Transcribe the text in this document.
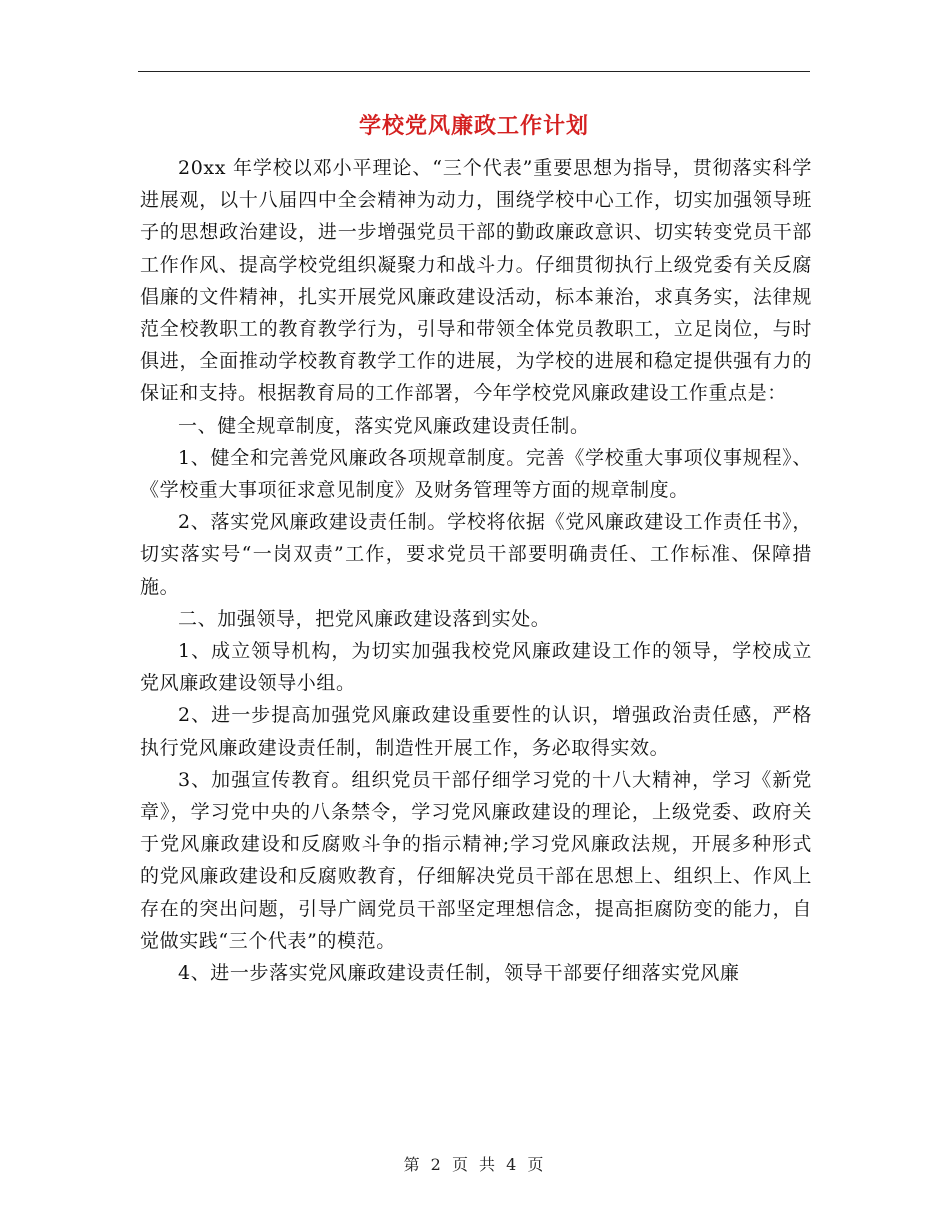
学校党风廉政工作计划

20xx 年学校以邓小平理论、“三个代表”重要思想为指导，贯彻落实科学进展观，以十八届四中全会精神为动力，围绕学校中心工作，切实加强领导班子的思想政治建设，进一步增强党员干部的勤政廉政意识、切实转变党员干部工作作风、提高学校党组织凝聚力和战斗力。仔细贯彻执行上级党委有关反腐倡廉的文件精神，扎实开展党风廉政建设活动，标本兼治，求真务实，法律规范全校教职工的教育教学行为，引导和带领全体党员教职工，立足岗位，与时俱进，全面推动学校教育教学工作的进展，为学校的进展和稳定提供强有力的保证和支持。根据教育局的工作部署，今年学校党风廉政建设工作重点是：

一、健全规章制度，落实党风廉政建设责任制。

1、健全和完善党风廉政各项规章制度。完善《学校重大事项仪事规程》、《学校重大事项征求意见制度》及财务管理等方面的规章制度。

2、落实党风廉政建设责任制。学校将依据《党风廉政建设工作责任书》，切实落实号“一岗双责”工作，要求党员干部要明确责任、工作标准、保障措施。

二、加强领导，把党风廉政建设落到实处。

1、成立领导机构，为切实加强我校党风廉政建设工作的领导，学校成立党风廉政建设领导小组。

2、进一步提高加强党风廉政建设重要性的认识，增强政治责任感，严格执行党风廉政建设责任制，制造性开展工作，务必取得实效。

3、加强宣传教育。组织党员干部仔细学习党的十八大精神，学习《新党章》，学习党中央的八条禁令，学习党风廉政建设的理论，上级党委、政府关于党风廉政建设和反腐败斗争的指示精神;学习党风廉政法规，开展多种形式的党风廉政建设和反腐败教育，仔细解决党员干部在思想上、组织上、作风上存在的突出问题，引导广阔党员干部坚定理想信念，提高拒腐防变的能力，自觉做实践“三个代表”的模范。

4、进一步落实党风廉政建设责任制，领导干部要仔细落实党风廉

第 2 页 共 4 页
